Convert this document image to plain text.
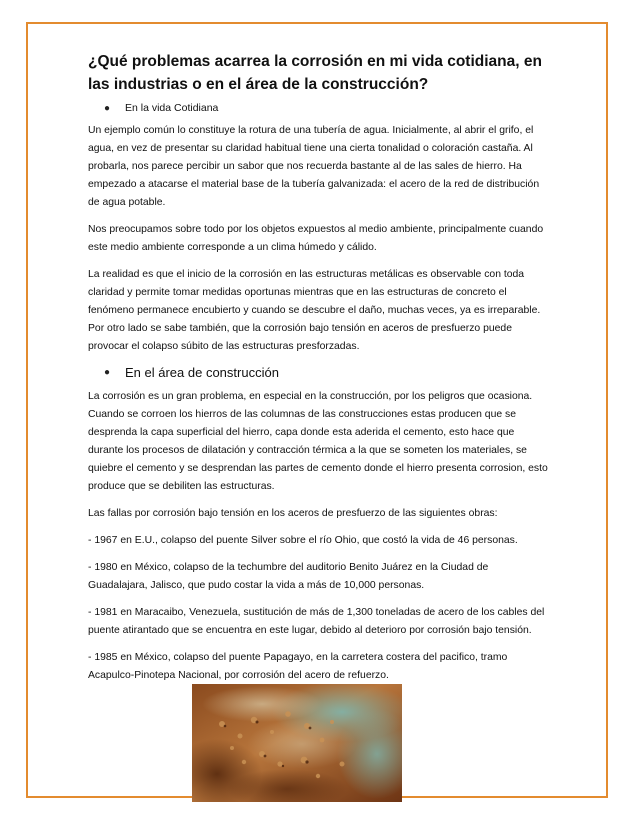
¿Qué problemas acarrea la corrosión en mi vida cotidiana, en las industrias o en el área de la construcción?
● En la vida Cotidiana

Un ejemplo común lo constituye la rotura de una tubería de agua. Inicialmente, al abrir el grifo, el agua, en vez de presentar su claridad habitual tiene una cierta tonalidad o coloración castaña. Al probarla, nos parece percibir un sabor que nos recuerda bastante al de las sales de hierro. Ha empezado a atacarse el material base de la tubería galvanizada: el acero de la red de distribución de agua potable.

Nos preocupamos sobre todo por los objetos expuestos al medio ambiente, principalmente cuando este medio ambiente corresponde a un clima húmedo y cálido.

La realidad es que el inicio de la corrosión en las estructuras metálicas es observable con toda claridad y permite tomar medidas oportunas mientras que en las estructuras de concreto el fenómeno permanece encubierto y cuando se descubre el daño, muchas veces, ya es irreparable. Por otro lado se sabe también, que la corrosión bajo tensión en aceros de presfuerzo puede provocar el colapso súbito de las estructuras presforzadas.

● En el área de construcción

La corrosión es un gran problema, en especial en la construcción, por los peligros que ocasiona. Cuando se corroen los hierros de las columnas de las construcciones estas producen que se desprenda la capa superficial del hierro, capa donde esta aderida el cemento, esto hace que durante los procesos de dilatación y contracción térmica a la que se someten los materiales, se quiebre el cemento y se desprendan las partes de cemento donde el hierro presenta corrosion, esto produce que se debiliten las estructuras.

Las fallas por corrosión bajo tensión en los aceros de presfuerzo de las siguientes obras:

- 1967 en E.U., colapso del puente Silver sobre el río Ohio, que costó la vida de 46 personas.

- 1980 en México, colapso de la techumbre del auditorio Benito Juárez en la Ciudad de Guadalajara, Jalisco, que pudo costar la vida a más de 10,000 personas.

- 1981 en Maracaibo, Venezuela, sustitución de más de 1,300 toneladas de acero de los cables del puente atirantado que se encuentra en este lugar, debido al deterioro por corrosión bajo tensión.

- 1985 en México, colapso del puente Papagayo, en la carretera costera del pacifico, tramo Acapulco-Pinotepa Nacional, por corrosión del acero de refuerzo.
